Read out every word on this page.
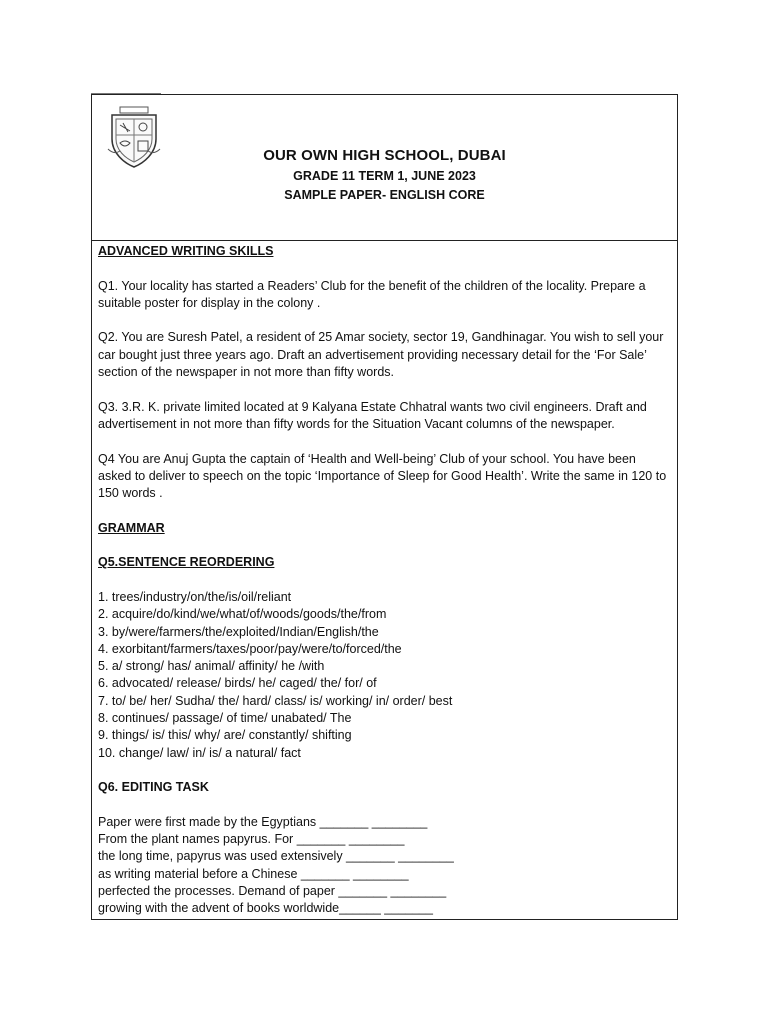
OUR OWN HIGH SCHOOL, DUBAI
GRADE 11 TERM 1, JUNE 2023
SAMPLE PAPER- ENGLISH CORE

ADVANCED WRITING SKILLS

Q1. Your locality has started a Readers’ Club for the benefit of the children of the locality. Prepare a suitable poster for display in the colony .

Q2. You are Suresh Patel, a resident of 25 Amar society, sector 19, Gandhinagar. You wish to sell your car bought just three years ago. Draft an advertisement providing necessary detail for the ‘For Sale’ section of the newspaper in not more than fifty words.

Q3. 3.R. K. private limited located at 9 Kalyana Estate Chhatral wants two civil engineers. Draft and advertisement in not more than fifty words for the Situation Vacant columns of the newspaper.

Q4 You are Anuj Gupta the captain of ‘Health and Well-being’ Club of your school. You have been asked to deliver to speech on the topic ‘Importance of Sleep for Good Health’. Write the same in 120 to 150 words .

GRAMMAR

Q5.SENTENCE REORDERING

1. trees/industry/on/the/is/oil/reliant
2. acquire/do/kind/we/what/of/woods/goods/the/from
3. by/were/farmers/the/exploited/Indian/English/the
4. exorbitant/farmers/taxes/poor/pay/were/to/forced/the
5. a/ strong/ has/ animal/ affinity/ he /with
6. advocated/ release/ birds/ he/ caged/ the/ for/ of
7. to/ be/ her/ Sudha/ the/ hard/ class/ is/ working/ in/ order/ best
8. continues/ passage/ of time/ unabated/ The
9. things/ is/ this/ why/ are/ constantly/ shifting
10. change/ law/ in/ is/ a natural/ fact

Q6. EDITING TASK

Paper were first made by the Egyptians _______ ________
From the plant names papyrus. For _______ ________
the long time, papyrus was used extensively _______ ________
as writing material before a Chinese _______ ________
perfected the processes. Demand of paper _______ ________
growing with the advent of books worldwide______ _______
